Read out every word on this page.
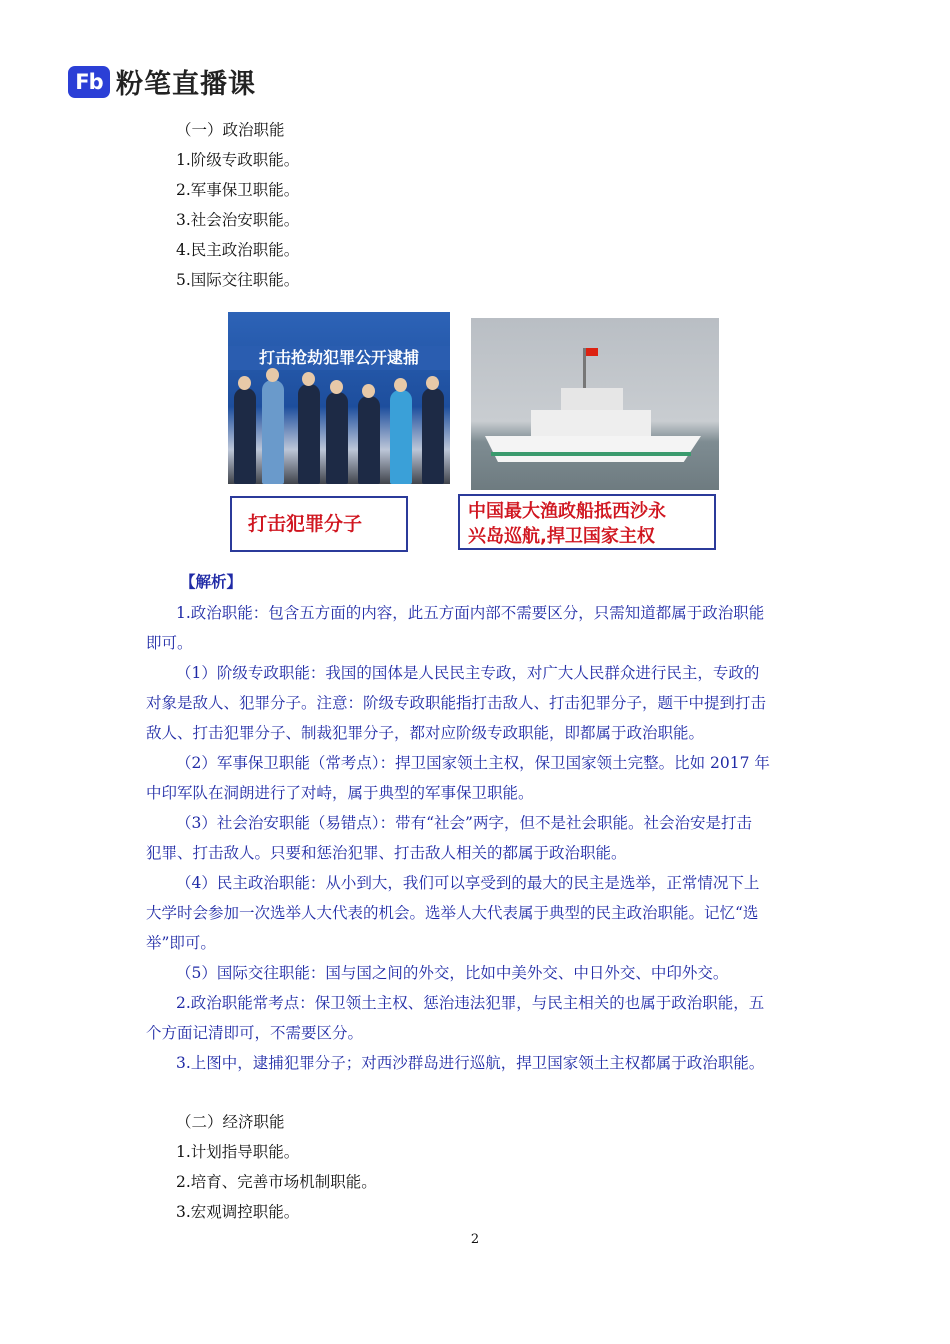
Fb 粉笔直播课
（一）政治职能
1.阶级专政职能。
2.军事保卫职能。
3.社会治安职能。
4.民主政治职能。
5.国际交往职能。
打击抢劫犯罪公开逮捕
打击犯罪分子
中国最大渔政船抵西沙永
兴岛巡航,捍卫国家主权
【解析】
1.政治职能：包含五方面的内容，此五方面内部不需要区分，只需知道都属于政治职能
即可。
（1）阶级专政职能：我国的国体是人民民主专政，对广大人民群众进行民主，专政的
对象是敌人、犯罪分子。注意：阶级专政职能指打击敌人、打击犯罪分子，题干中提到打击
敌人、打击犯罪分子、制裁犯罪分子，都对应阶级专政职能，即都属于政治职能。
（2）军事保卫职能（常考点）：捍卫国家领土主权，保卫国家领土完整。比如 2017 年
中印军队在洞朗进行了对峙，属于典型的军事保卫职能。
（3）社会治安职能（易错点）：带有“社会”两字，但不是社会职能。社会治安是打击
犯罪、打击敌人。只要和惩治犯罪、打击敌人相关的都属于政治职能。
（4）民主政治职能：从小到大，我们可以享受到的最大的民主是选举，正常情况下上
大学时会参加一次选举人大代表的机会。选举人大代表属于典型的民主政治职能。记忆“选
举”即可。
（5）国际交往职能：国与国之间的外交，比如中美外交、中日外交、中印外交。
2.政治职能常考点：保卫领土主权、惩治违法犯罪，与民主相关的也属于政治职能，五
个方面记清即可，不需要区分。
3.上图中，逮捕犯罪分子；对西沙群岛进行巡航，捍卫国家领土主权都属于政治职能。
（二）经济职能
1.计划指导职能。
2.培育、完善市场机制职能。
3.宏观调控职能。
2
